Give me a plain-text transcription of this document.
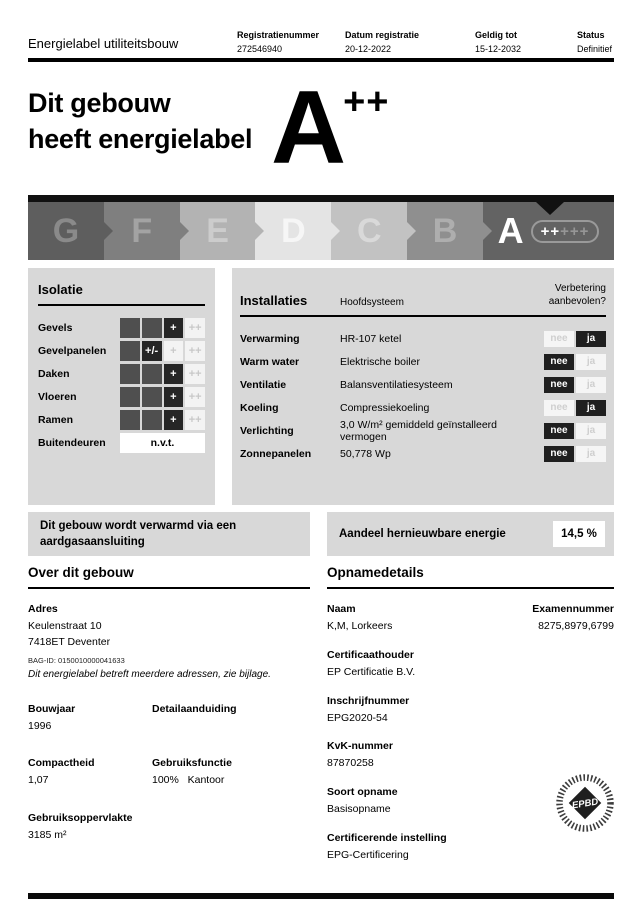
Energielabel utiliteitsbouw
Registratienummer
272546940
Datum registratie
20-12-2022
Geldig tot
15-12-2032
Status
Definitief
Dit gebouw
heeft energielabel A ++
G F E D C B A ++ +++
Isolatie
Gevels	+	++
Gevelpanelen	+/-	+	++
Daken	+	++
Vloeren	+	++
Ramen	+	++
Buitendeuren	n.v.t.
Installaties	Hoofdsysteem
Verbetering aanbevolen?
Verwarming	HR-107 ketel	nee	ja
Warm water	Elektrische boiler	nee	ja
Ventilatie	Balansventilatiesysteem	nee	ja
Koeling	Compressiekoeling	nee	ja
Verlichting	3,0 W/m² gemiddeld geïnstalleerd vermogen	nee	ja
Zonnepanelen	50,778 Wp	nee	ja
Dit gebouw wordt verwarmd via een aardgasaansluiting
Aandeel hernieuwbare energie	14,5 %
Over dit gebouw
Adres
Keulenstraat 10
7418ET Deventer
BAG-ID: 0150010000041633
Dit energielabel betreft meerdere adressen, zie bijlage.
Bouwjaar
1996
Detailaanduiding
Compactheid
1,07
Gebruiksfunctie
100%   Kantoor
Gebruiksoppervlakte
3185 m²
Opnamedetails
Naam
K,M, Lorkeers
Examennummer
8275,8979,6799
Certificaathouder
EP Certificatie B.V.
Inschrijfnummer
EPG2020-54
KvK-nummer
87870258
Soort opname
Basisopname
Certificerende instelling
EPG-Certificering
EPBD
